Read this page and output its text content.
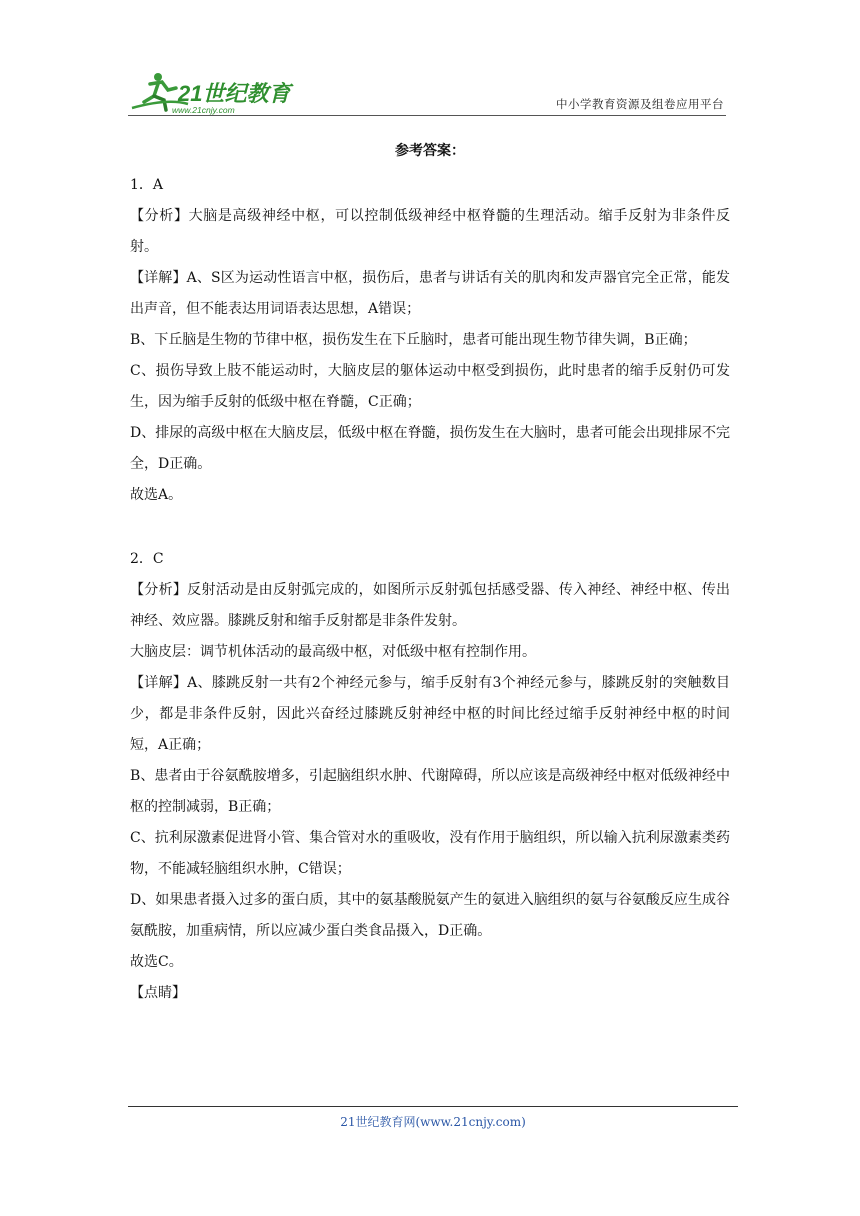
21世纪教育
www.21cnjy.com	中小学教育资源及组卷应用平台
参考答案：

1．A

【分析】大脑是高级神经中枢，可以控制低级神经中枢脊髓的生理活动。缩手反射为非条件反射。

【详解】A、S区为运动性语言中枢，损伤后，患者与讲话有关的肌肉和发声器官完全正常，能发出声音，但不能表达用词语表达思想，A错误；

B、下丘脑是生物的节律中枢，损伤发生在下丘脑时，患者可能出现生物节律失调，B正确；

C、损伤导致上肢不能运动时，大脑皮层的躯体运动中枢受到损伤，此时患者的缩手反射仍可发生，因为缩手反射的低级中枢在脊髓，C正确；

D、排尿的高级中枢在大脑皮层，低级中枢在脊髓，损伤发生在大脑时，患者可能会出现排尿不完全，D正确。

故选A。

2．C

【分析】反射活动是由反射弧完成的，如图所示反射弧包括感受器、传入神经、神经中枢、传出神经、效应器。膝跳反射和缩手反射都是非条件发射。

大脑皮层：调节机体活动的最高级中枢，对低级中枢有控制作用。

【详解】A、膝跳反射一共有2个神经元参与，缩手反射有3个神经元参与，膝跳反射的突触数目少，都是非条件反射，因此兴奋经过膝跳反射神经中枢的时间比经过缩手反射神经中枢的时间短，A正确；

B、患者由于谷氨酰胺增多，引起脑组织水肿、代谢障碍，所以应该是高级神经中枢对低级神经中枢的控制减弱，B正确；

C、抗利尿激素促进肾小管、集合管对水的重吸收，没有作用于脑组织，所以输入抗利尿激素类药物，不能减轻脑组织水肿，C错误；

D、如果患者摄入过多的蛋白质，其中的氨基酸脱氨产生的氨进入脑组织的氨与谷氨酸反应生成谷氨酰胺，加重病情，所以应减少蛋白类食品摄入，D正确。

故选C。

【点睛】

21世纪教育网(www.21cnjy.com)
